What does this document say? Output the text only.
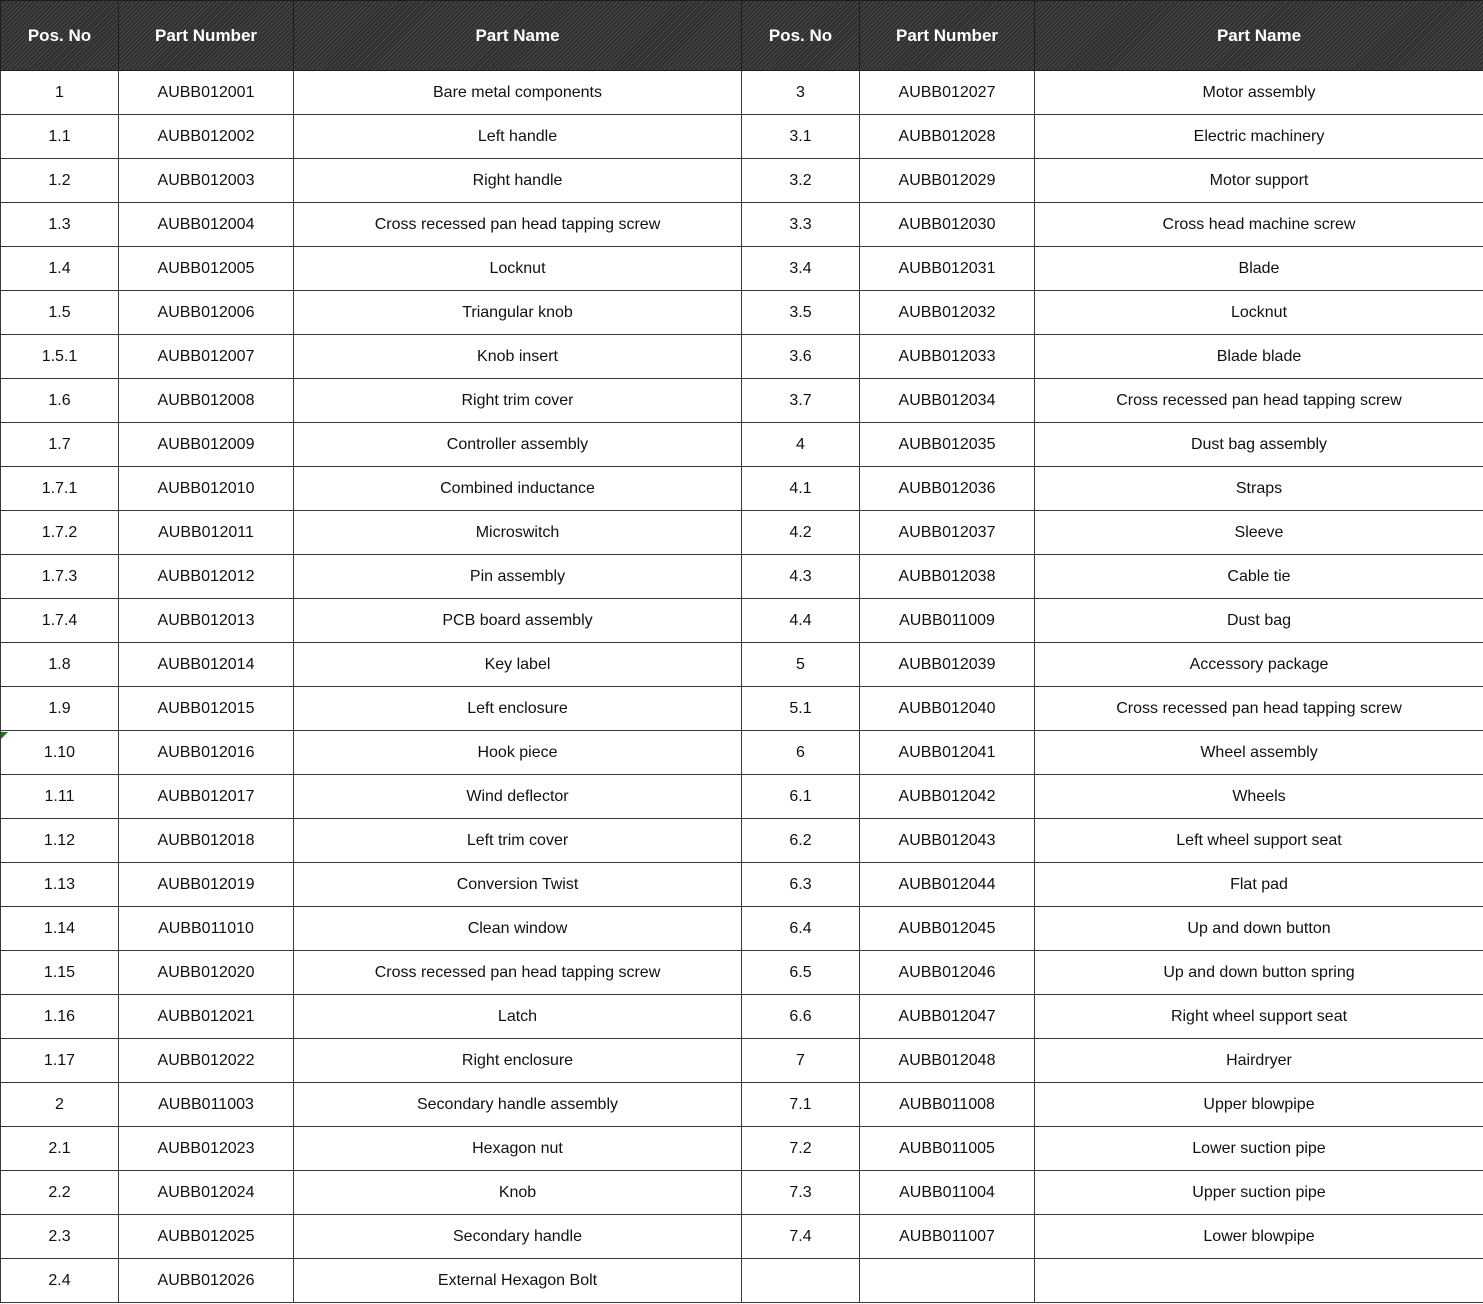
Pos. No	Part Number	Part Name	Pos. No	Part Number	Part Name
1	AUBB012001	Bare metal components	3	AUBB012027	Motor assembly
1.1	AUBB012002	Left handle	3.1	AUBB012028	Electric machinery
1.2	AUBB012003	Right handle	3.2	AUBB012029	Motor support
1.3	AUBB012004	Cross recessed pan head tapping screw	3.3	AUBB012030	Cross head machine screw
1.4	AUBB012005	Locknut	3.4	AUBB012031	Blade
1.5	AUBB012006	Triangular knob	3.5	AUBB012032	Locknut
1.5.1	AUBB012007	Knob insert	3.6	AUBB012033	Blade blade
1.6	AUBB012008	Right trim cover	3.7	AUBB012034	Cross recessed pan head tapping screw
1.7	AUBB012009	Controller assembly	4	AUBB012035	Dust bag assembly
1.7.1	AUBB012010	Combined inductance	4.1	AUBB012036	Straps
1.7.2	AUBB012011	Microswitch	4.2	AUBB012037	Sleeve
1.7.3	AUBB012012	Pin assembly	4.3	AUBB012038	Cable tie
1.7.4	AUBB012013	PCB board assembly	4.4	AUBB011009	Dust bag
1.8	AUBB012014	Key label	5	AUBB012039	Accessory package
1.9	AUBB012015	Left enclosure	5.1	AUBB012040	Cross recessed pan head tapping screw
1.10	AUBB012016	Hook piece	6	AUBB012041	Wheel assembly
1.11	AUBB012017	Wind deflector	6.1	AUBB012042	Wheels
1.12	AUBB012018	Left trim cover	6.2	AUBB012043	Left wheel support seat
1.13	AUBB012019	Conversion Twist	6.3	AUBB012044	Flat pad
1.14	AUBB011010	Clean window	6.4	AUBB012045	Up and down button
1.15	AUBB012020	Cross recessed pan head tapping screw	6.5	AUBB012046	Up and down button spring
1.16	AUBB012021	Latch	6.6	AUBB012047	Right wheel support seat
1.17	AUBB012022	Right enclosure	7	AUBB012048	Hairdryer
2	AUBB011003	Secondary handle assembly	7.1	AUBB011008	Upper blowpipe
2.1	AUBB012023	Hexagon nut	7.2	AUBB011005	Lower suction pipe
2.2	AUBB012024	Knob	7.3	AUBB011004	Upper suction pipe
2.3	AUBB012025	Secondary handle	7.4	AUBB011007	Lower blowpipe
2.4	AUBB012026	External Hexagon Bolt			
